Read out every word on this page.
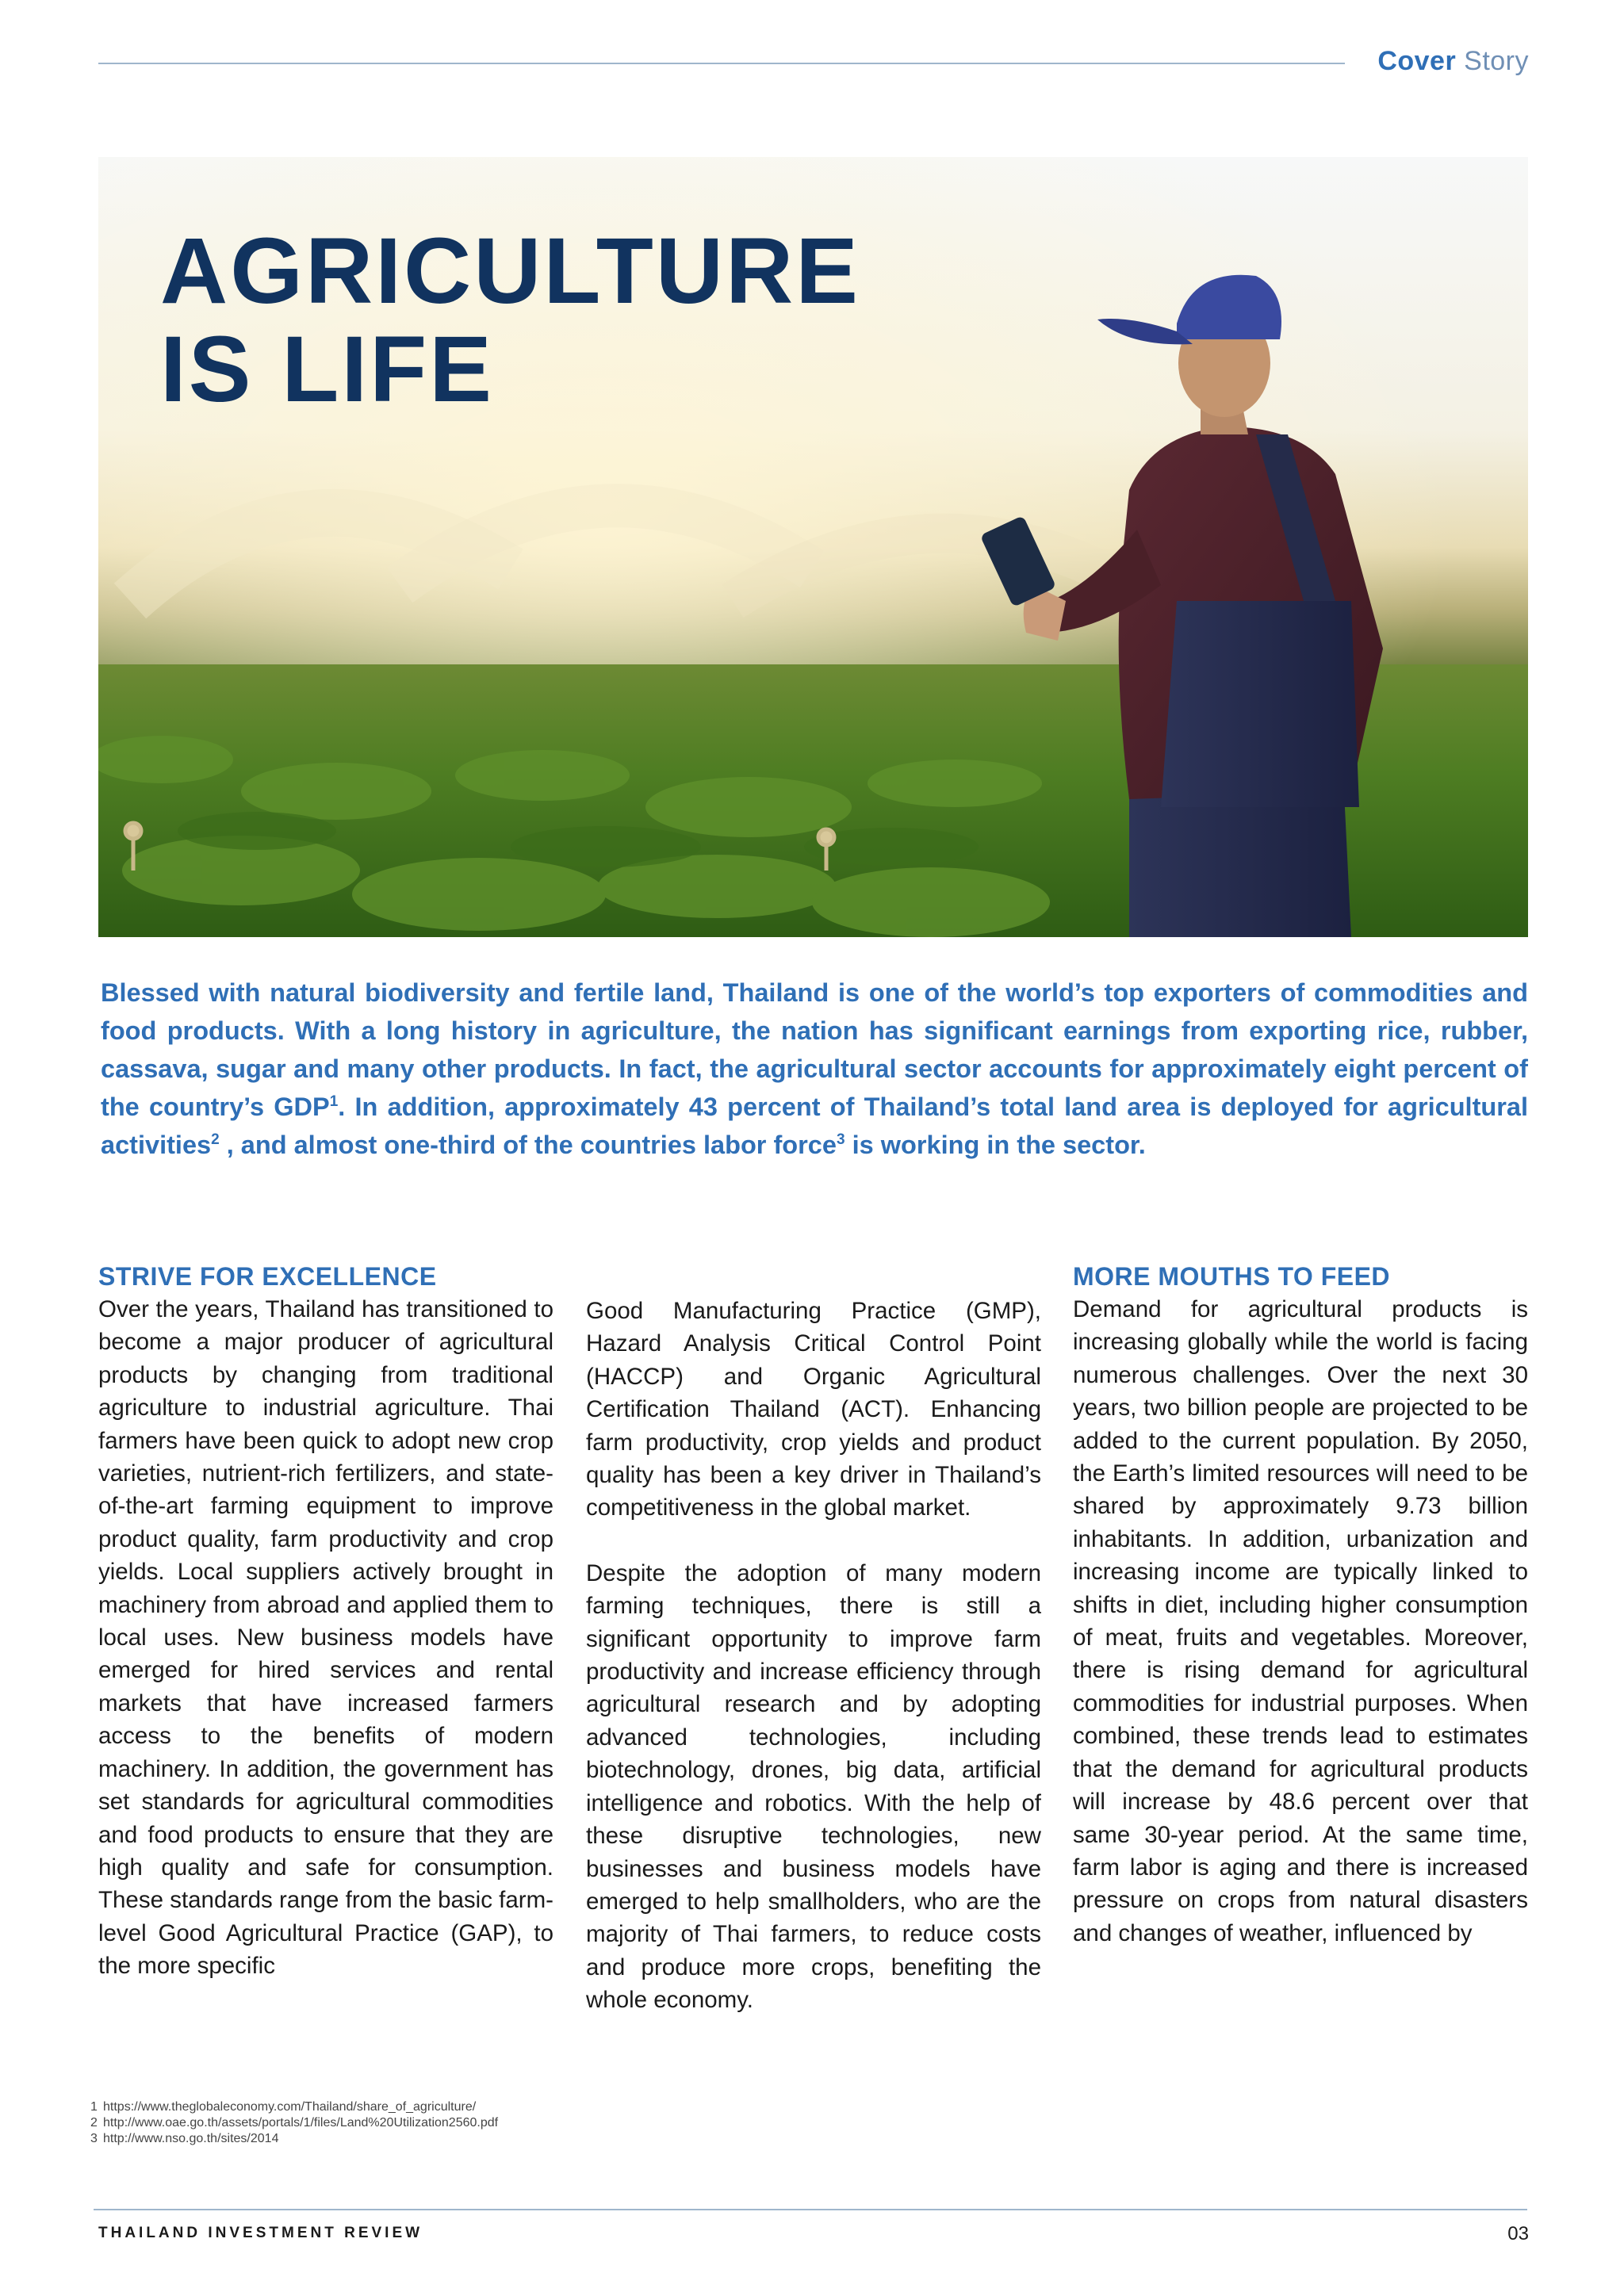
Cover Story
AGRICULTURE
IS LIFE

Blessed with natural biodiversity and fertile land, Thailand is one of the world’s top exporters of commodities and food products. With a long history in agriculture, the nation has significant earnings from exporting rice, rubber, cassava, sugar and many other products. In fact, the agricultural sector accounts for approximately eight percent of the country’s GDP$^1$. In addition, approximately 43 percent of Thailand’s total land area is deployed for agricultural activities$^2$ , and almost one-third of the countries labor force$^3$ is working in the sector.

STRIVE FOR EXCELLENCE

Over the years, Thailand has transitioned to become a major producer of agricultural products by changing from traditional agriculture to industrial agriculture. Thai farmers have been quick to adopt new crop varieties, nutrient-rich fertilizers, and state-of-the-art farming equipment to improve product quality, farm productivity and crop yields. Local suppliers actively brought in machinery from abroad and applied them to local uses. New business models have emerged for hired services and rental markets that have increased farmers access to the benefits of modern machinery. In addition, the government has set standards for agricultural commodities and food products to ensure that they are high quality and safe for consumption. These standards range from the basic farm-level Good Agricultural Practice (GAP), to the more specific

Good Manufacturing Practice (GMP), Hazard Analysis Critical Control Point (HACCP) and Organic Agricultural Certification Thailand (ACT). Enhancing farm productivity, crop yields and product quality has been a key driver in Thailand’s competitiveness in the global market.

Despite the adoption of many modern farming techniques, there is still a significant opportunity to improve farm productivity and increase efficiency through agricultural research and by adopting advanced technologies, including biotechnology, drones, big data, artificial intelligence and robotics. With the help of these disruptive technologies, new businesses and business models have emerged to help smallholders, who are the majority of Thai farmers, to reduce costs and produce more crops, benefiting the whole economy.

MORE MOUTHS TO FEED

Demand for agricultural products is increasing globally while the world is facing numerous challenges. Over the next 30 years, two billion people are projected to be added to the current population. By 2050, the Earth’s limited resources will need to be shared by approximately 9.73 billion inhabitants. In addition, urbanization and increasing income are typically linked to shifts in diet, including higher consumption of meat, fruits and vegetables. Moreover, there is rising demand for agricultural commodities for industrial purposes. When combined, these trends lead to estimates that the demand for agricultural products will increase by 48.6 percent over that same 30-year period. At the same time, farm labor is aging and there is increased pressure on crops from natural disasters and changes of weather, influenced by

1 https://www.theglobaleconomy.com/Thailand/share_of_agriculture/
2 http://www.oae.go.th/assets/portals/1/files/Land%20Utilization2560.pdf
3 http://www.nso.go.th/sites/2014
THAILAND INVESTMENT REVIEW	03
